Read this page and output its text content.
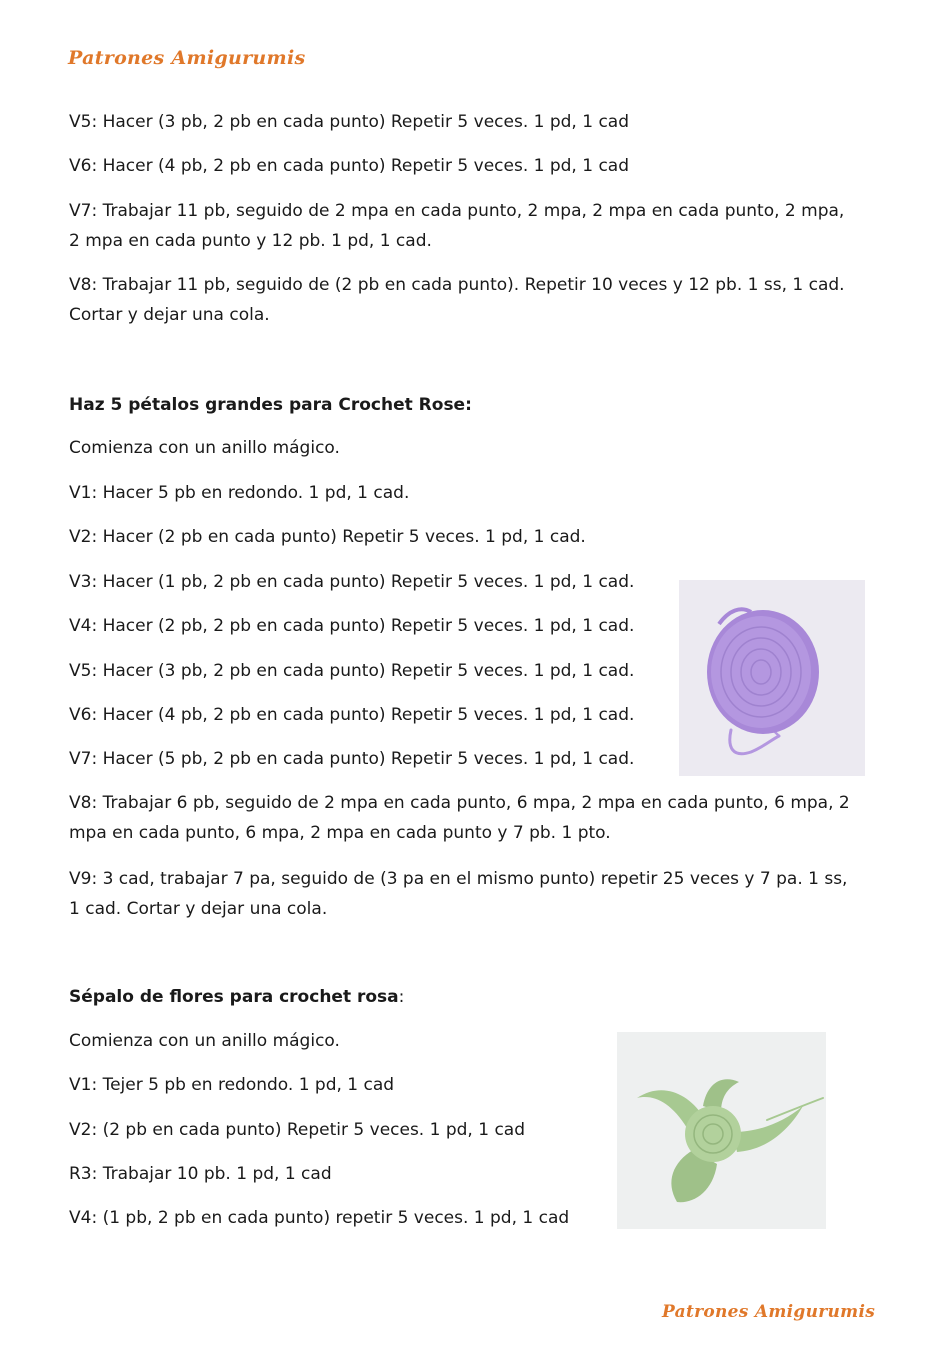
Patrones Amigurumis

V5: Hacer (3 pb, 2 pb en cada punto) Repetir 5 veces. 1 pd, 1 cad

V6: Hacer (4 pb, 2 pb en cada punto) Repetir 5 veces. 1 pd, 1 cad

V7: Trabajar 11 pb, seguido de 2 mpa en cada punto, 2 mpa, 2 mpa en cada punto, 2 mpa, 2 mpa en cada punto y 12 pb. 1 pd, 1 cad.

V8: Trabajar 11 pb, seguido de (2 pb en cada punto). Repetir 10 veces y 12 pb. 1 ss, 1 cad. Cortar y dejar una cola.

Haz 5 pétalos grandes para Crochet Rose:

Comienza con un anillo mágico.

V1: Hacer 5 pb en redondo. 1 pd, 1 cad.

V2: Hacer (2 pb en cada punto) Repetir 5 veces. 1 pd, 1 cad.

V3: Hacer (1 pb, 2 pb en cada punto) Repetir 5 veces. 1 pd, 1 cad.

V4: Hacer (2 pb, 2 pb en cada punto) Repetir 5 veces. 1 pd, 1 cad.

V5: Hacer (3 pb, 2 pb en cada punto) Repetir 5 veces. 1 pd, 1 cad.

V6: Hacer (4 pb, 2 pb en cada punto) Repetir 5 veces. 1 pd, 1 cad.

V7: Hacer (5 pb, 2 pb en cada punto) Repetir 5 veces. 1 pd, 1 cad.

V8: Trabajar 6 pb, seguido de 2 mpa en cada punto, 6 mpa, 2 mpa en cada punto, 6 mpa, 2 mpa en cada punto, 6 mpa, 2 mpa en cada punto y 7 pb. 1 pto.

V9: 3 cad, trabajar 7 pa, seguido de (3 pa en el mismo punto) repetir 25 veces y 7 pa. 1 ss, 1 cad. Cortar y dejar una cola.

Sépalo de flores para crochet rosa:

Comienza con un anillo mágico.

V1: Tejer 5 pb en redondo. 1 pd, 1 cad

V2: (2 pb en cada punto) Repetir 5 veces. 1 pd, 1 cad

R3: Trabajar 10 pb. 1 pd, 1 cad

V4: (1 pb, 2 pb en cada punto) repetir 5 veces. 1 pd, 1 cad

Patrones Amigurumis
